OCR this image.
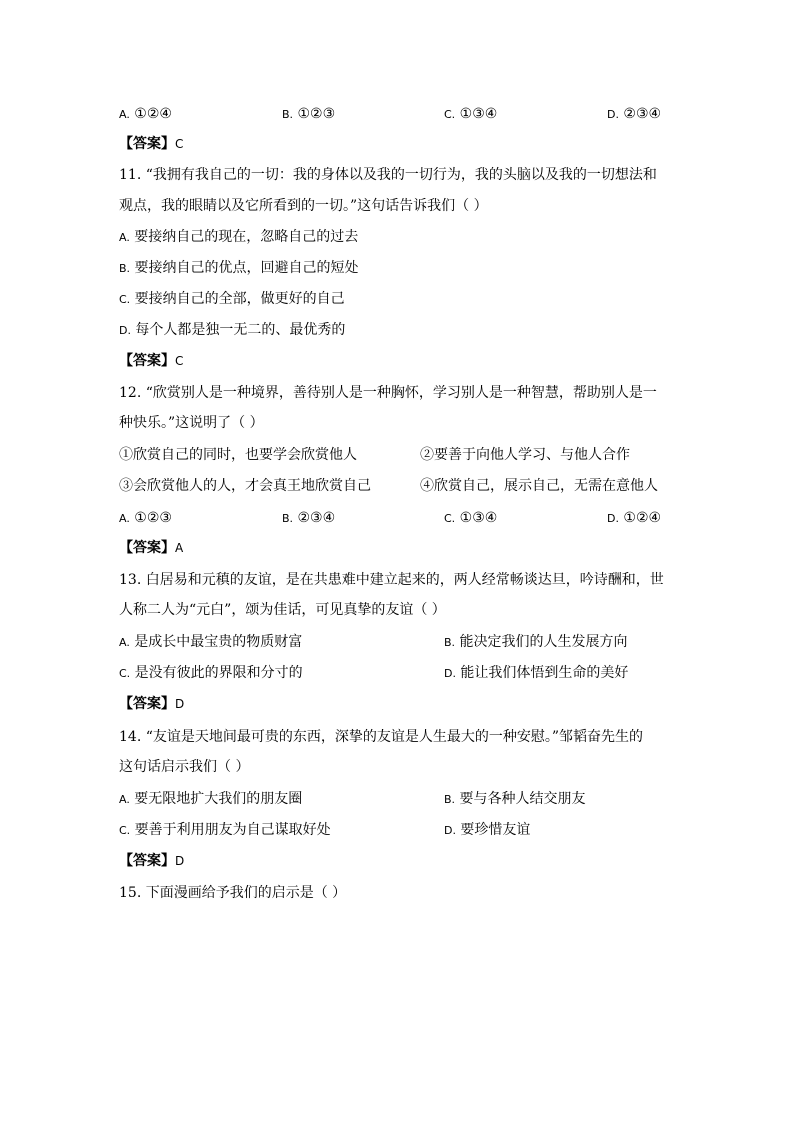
A. ①②④	B. ①②③	C. ①③④	D. ②③④
【答案】C
11. “我拥有我自己的一切：我的身体以及我的一切行为，我的头脑以及我的一切想法和
观点，我的眼睛以及它所看到的一切。”这句话告诉我们（ ）
A. 要接纳自己的现在，忽略自己的过去
B. 要接纳自己的优点，回避自己的短处
C. 要接纳自己的全部，做更好的自己
D. 每个人都是独一无二的、最优秀的
【答案】C
12. “欣赏别人是一种境界，善待别人是一种胸怀，学习别人是一种智慧，帮助别人是一
种快乐。”这说明了（ ）
①欣赏自己的同时，也要学会欣赏他人	②要善于向他人学习、与他人合作
③会欣赏他人的人，才会真王地欣赏自己	④欣赏自己，展示自己，无需在意他人
A. ①②③	B. ②③④	C. ①③④	D. ①②④
【答案】A
13. 白居易和元稹的友谊，是在共患难中建立起来的，两人经常畅谈达旦，吟诗酬和，世
人称二人为“元白”，颂为佳话，可见真挚的友谊（ ）
A. 是成长中最宝贵的物质财富	B. 能决定我们的人生发展方向
C. 是没有彼此的界限和分寸的	D. 能让我们体悟到生命的美好
【答案】D
14. “友谊是天地间最可贵的东西，深挚的友谊是人生最大的一种安慰。”邹韬奋先生的
这句话启示我们（ ）
A. 要无限地扩大我们的朋友圈	B. 要与各种人结交朋友
C. 要善于利用朋友为自己谋取好处	D. 要珍惜友谊
【答案】D
15. 下面漫画给予我们的启示是（ ）
